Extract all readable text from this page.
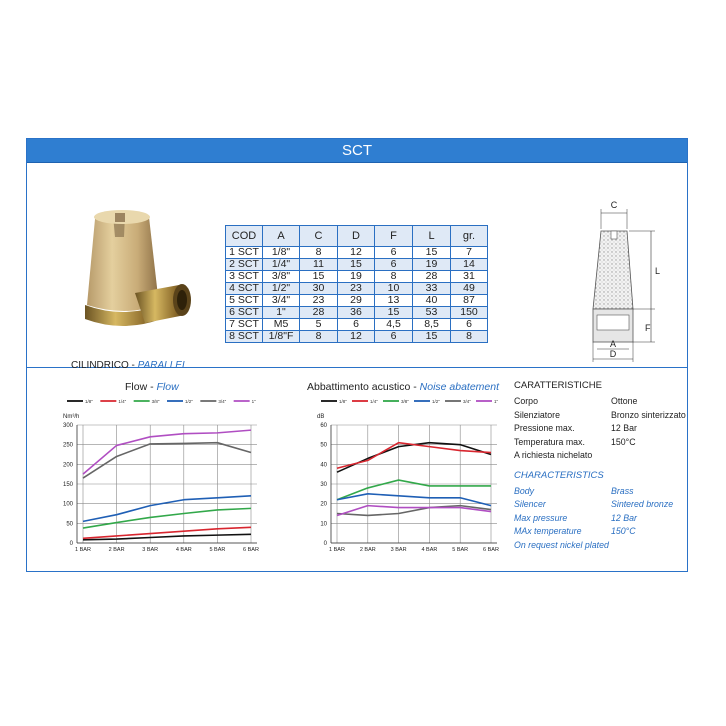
SCT
CILINDRICO - PARALLEL
COD	A	C	D	F	L	gr.
1 SCT	1/8"	8	12	6	15	7
2 SCT	1/4"	11	15	6	19	14
3 SCT	3/8"	15	19	8	28	31
4 SCT	1/2"	30	23	10	33	49
5 SCT	3/4"	23	29	13	40	87
6 SCT	1"	28	36	15	53	150
7 SCT	M5	5	6	4,5	8,5	6
8 SCT	1/8"F	8	12	6	15	8
C
L
F
A
D
Flow - Flow
1/8"	1/4"	3/8"	1/2"	3/4"	1"
Nm³/h
0
50
100
150
200
250
300
1 BAR	2 BAR	3 BAR	4 BAR	5 BAR	6 BAR
Abbattimento acustico - Noise abatement
1/8"	1/4"	3/8"	1/2"	3/4"	1"
dB
0
10
20
30
40
50
60
1 BAR	2 BAR	3 BAR	4 BAR	5 BAR	6 BAR
CARATTERISTICHE
Corpo	Ottone
Silenziatore	Bronzo sinterizzato
Pressione max.	12 Bar
Temperatura max.	150°C
A richiesta nichelato
CHARACTERISTICS
Body	Brass
Silencer	Sintered bronze
Max pressure	12 Bar
MAx temperature	150°C
On request nickel plated
